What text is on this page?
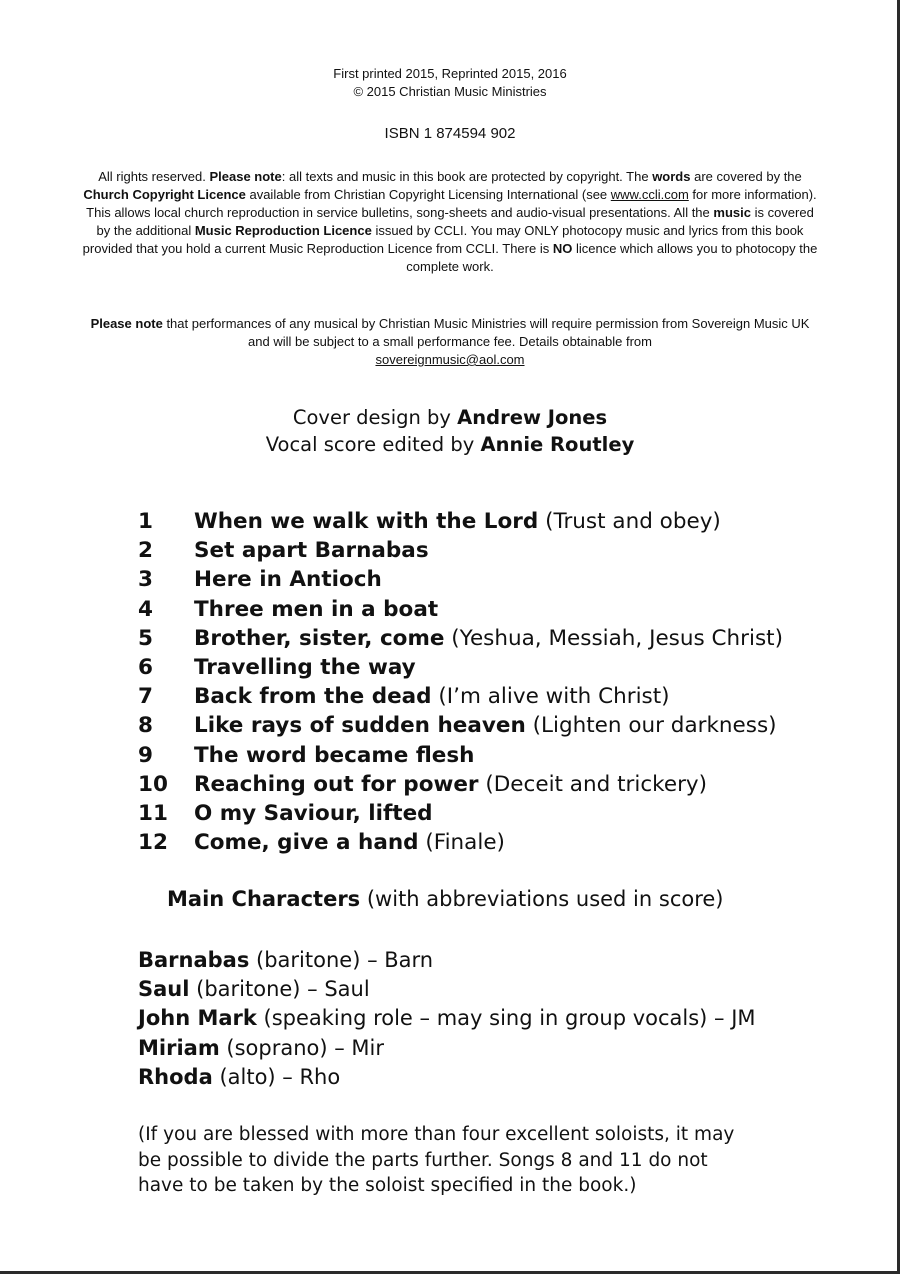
First printed 2015, Reprinted 2015, 2016
© 2015 Christian Music Ministries
ISBN 1 874594 902
All rights reserved. Please note: all texts and music in this book are protected by copyright. The words are covered by the Church Copyright Licence available from Christian Copyright Licensing International (see www.ccli.com for more information). This allows local church reproduction in service bulletins, song-sheets and audio-visual presentations. All the music is covered by the additional Music Reproduction Licence issued by CCLI. You may ONLY photocopy music and lyrics from this book provided that you hold a current Music Reproduction Licence from CCLI. There is NO licence which allows you to photocopy the complete work.
Please note that performances of any musical by Christian Music Ministries will require permission from Sovereign Music UK and will be subject to a small performance fee. Details obtainable from
sovereignmusic@aol.com
Cover design by Andrew Jones
Vocal score edited by Annie Routley
1 When we walk with the Lord (Trust and obey)
2 Set apart Barnabas
3 Here in Antioch
4 Three men in a boat
5 Brother, sister, come (Yeshua, Messiah, Jesus Christ)
6 Travelling the way
7 Back from the dead (I’m alive with Christ)
8 Like rays of sudden heaven (Lighten our darkness)
9 The word became flesh
10 Reaching out for power (Deceit and trickery)
11 O my Saviour, lifted
12 Come, give a hand (Finale)
Main Characters (with abbreviations used in score)
Barnabas (baritone) – Barn
Saul (baritone) – Saul
John Mark (speaking role – may sing in group vocals) – JM
Miriam (soprano) – Mir
Rhoda (alto) – Rho
(If you are blessed with more than four excellent soloists, it may
be possible to divide the parts further. Songs 8 and 11 do not
have to be taken by the soloist specified in the book.)
